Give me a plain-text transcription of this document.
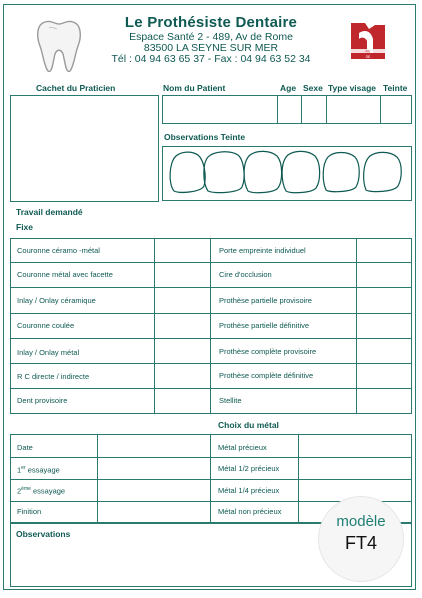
Le Prothésiste Dentaire
Espace Santé 2 - 489, Av de Rome
83500 LA SEYNE SUR MER
Tél : 04 94 63 65 37 - Fax : 04 94 63 52 34
NE
SE
Cachet du Praticien	Nom du Patient	Age Sexe Type visage Teinte
Observations Teinte
Travail demandé
Fixe
Couronne céramo -métal
Couronne métal avec facette
Inlay / Onlay céramique
Couronne coulée
Inlay / Onlay métal
R C directe / indirecte
Dent provisoire
Porte empreinte individuel
Cire d'occlusion
Prothèse partielle provisoire
Prothèse partielle définitive
Prothèse complète provisoire
Prothèse complète définitive
Stellite
Choix du métal
Date
1er essayage
2ème essayage
Finition
Métal précieux
Métal 1/2 précieux
Métal 1/4 précieux
Métal non précieux
Observations
modèle
FT4
